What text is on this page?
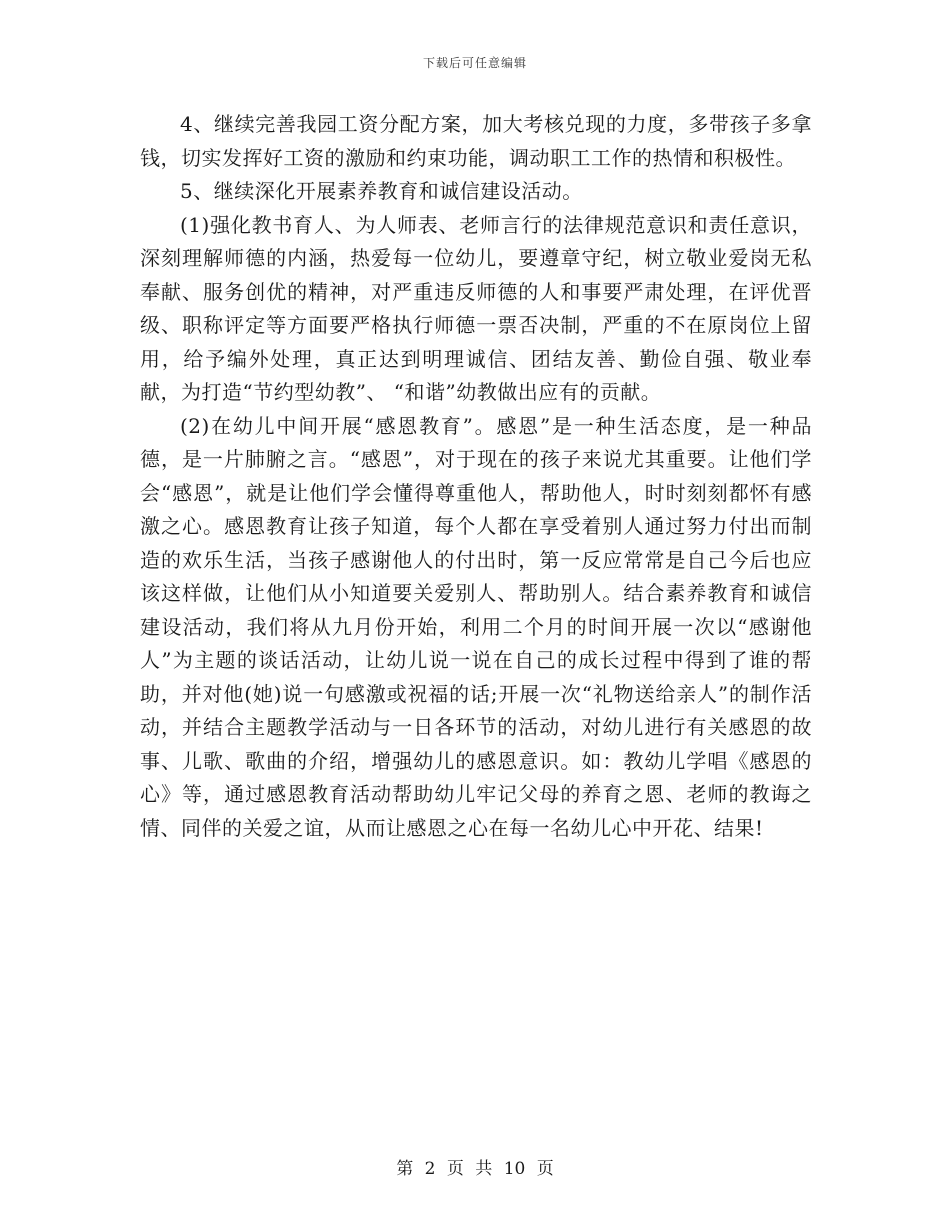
下载后可任意编辑

4、继续完善我园工资分配方案，加大考核兑现的力度，多带孩子多拿钱，切实发挥好工资的激励和约束功能，调动职工工作的热情和积极性。

5、继续深化开展素养教育和诚信建设活动。

(1)强化教书育人、为人师表、老师言行的法律规范意识和责任意识，深刻理解师德的内涵，热爱每一位幼儿，要遵章守纪，树立敬业爱岗无私奉献、服务创优的精神，对严重违反师德的人和事要严肃处理，在评优晋级、职称评定等方面要严格执行师德一票否决制，严重的不在原岗位上留用，给予编外处理，真正达到明理诚信、团结友善、勤俭自强、敬业奉献，为打造“节约型幼教”、 “和谐”幼教做出应有的贡献。

(2)在幼儿中间开展“感恩教育”。感恩”是一种生活态度，是一种品德，是一片肺腑之言。“感恩”，对于现在的孩子来说尤其重要。让他们学会“感恩”，就是让他们学会懂得尊重他人，帮助他人，时时刻刻都怀有感激之心。感恩教育让孩子知道，每个人都在享受着别人通过努力付出而制造的欢乐生活，当孩子感谢他人的付出时，第一反应常常是自己今后也应该这样做，让他们从小知道要关爱别人、帮助别人。结合素养教育和诚信建设活动，我们将从九月份开始，利用二个月的时间开展一次以“感谢他人”为主题的谈话活动，让幼儿说一说在自己的成长过程中得到了谁的帮助，并对他(她)说一句感激或祝福的话;开展一次“礼物送给亲人”的制作活动，并结合主题教学活动与一日各环节的活动，对幼儿进行有关感恩的故事、儿歌、歌曲的介绍，增强幼儿的感恩意识。如：教幼儿学唱《感恩的心》等，通过感恩教育活动帮助幼儿牢记父母的养育之恩、老师的教诲之情、同伴的关爱之谊，从而让感恩之心在每一名幼儿心中开花、结果!

第 2 页 共 10 页
